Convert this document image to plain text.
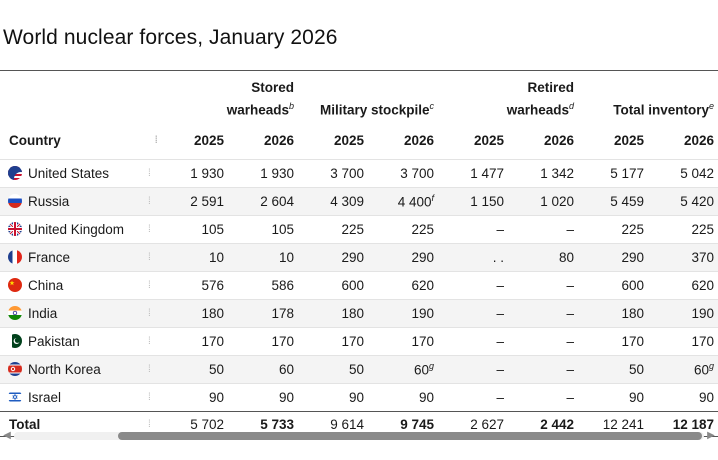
World nuclear forces, January 2026
		Stored
warheads$^b$		Military stockpile$^c$		Retired
warheads$^d$		Total inventory$^e$
Country	⁞	2025	2026	2025	2026	2025	2026	2025	2026
United States	⁞	1 930	1 930	3 700	3 700	1 477	1 342	5 177	5 042
Russia	⁞	2 591	2 604	4 309	4 400$^f$	1 150	1 020	5 459	5 420
United Kingdom	⁞	105	105	225	225	–	–	225	225
France	⁞	10	10	290	290	. .	80	290	370
China	⁞	576	586	600	620	–	–	600	620
India	⁞	180	178	180	190	–	–	180	190
Pakistan	⁞	170	170	170	170	–	–	170	170
North Korea	⁞	50	60	50	60$^g$	–	–	50	60$^g$
Israel	⁞	90	90	90	90	–	–	90	90
Total	⁞	5 702	5 733	9 614	9 745	2 627	2 442	12 241	12 187
◀	▶
